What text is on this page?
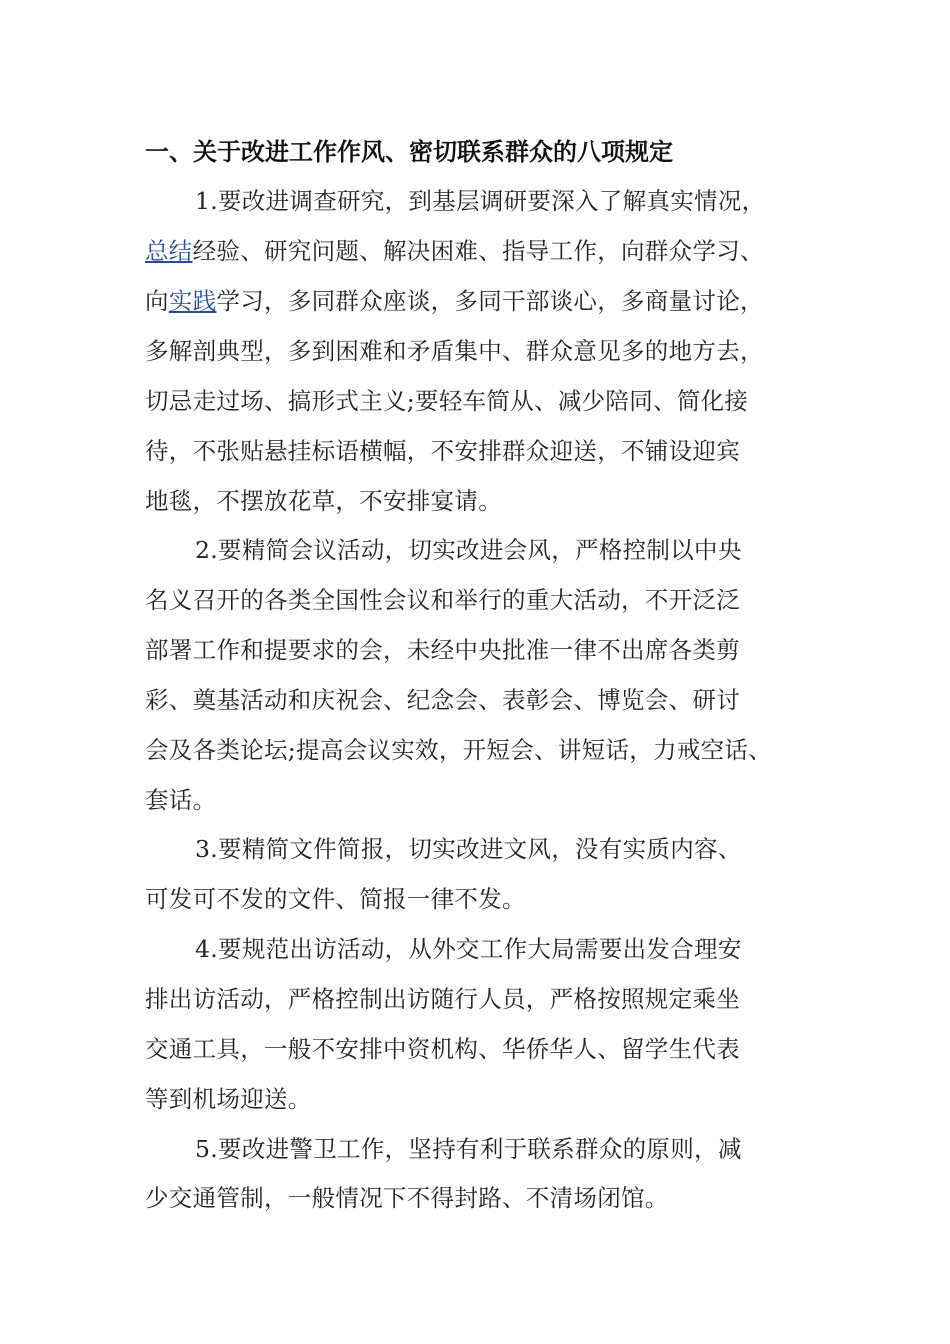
一、关于改进工作作风、密切联系群众的八项规定
1.要改进调查研究，到基层调研要深入了解真实情况，
总结经验、研究问题、解决困难、指导工作，向群众学习、
向实践学习，多同群众座谈，多同干部谈心，多商量讨论，
多解剖典型，多到困难和矛盾集中、群众意见多的地方去，
切忌走过场、搞形式主义;要轻车简从、减少陪同、简化接
待，不张贴悬挂标语横幅，不安排群众迎送，不铺设迎宾
地毯，不摆放花草，不安排宴请。
2.要精简会议活动，切实改进会风，严格控制以中央
名义召开的各类全国性会议和举行的重大活动，不开泛泛
部署工作和提要求的会，未经中央批准一律不出席各类剪
彩、奠基活动和庆祝会、纪念会、表彰会、博览会、研讨
会及各类论坛;提高会议实效，开短会、讲短话，力戒空话、
套话。
3.要精简文件简报，切实改进文风，没有实质内容、
可发可不发的文件、简报一律不发。
4.要规范出访活动，从外交工作大局需要出发合理安
排出访活动，严格控制出访随行人员，严格按照规定乘坐
交通工具，一般不安排中资机构、华侨华人、留学生代表
等到机场迎送。
5.要改进警卫工作，坚持有利于联系群众的原则，减
少交通管制，一般情况下不得封路、不清场闭馆。
